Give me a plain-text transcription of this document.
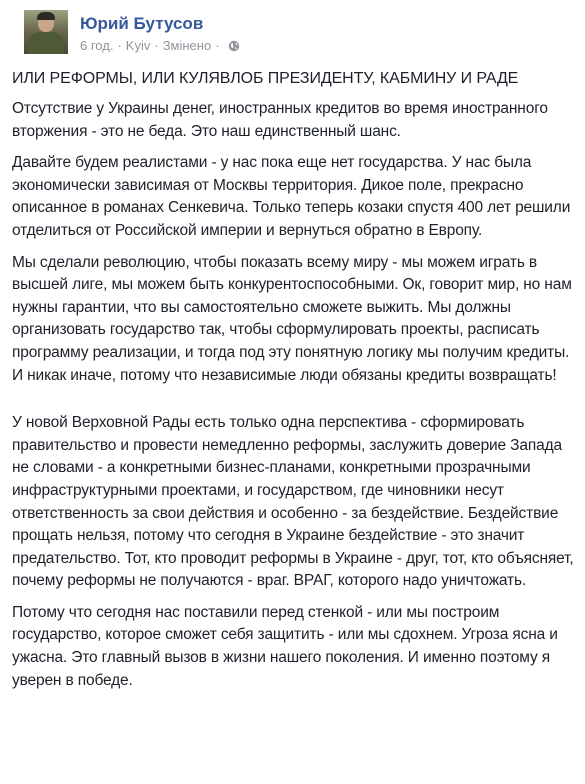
Юрий Бутусов
6 год. · Kyiv · Змінено ·
ИЛИ РЕФОРМЫ, ИЛИ КУЛЯВЛОБ ПРЕЗИДЕНТУ, КАБМИНУ И РАДЕ

Отсутствие у Украины денег, иностранных кредитов во время иностранного вторжения - это не беда. Это наш единственный шанс.

Давайте будем реалистами - у нас пока еще нет государства. У нас была экономически зависимая от Москвы территория. Дикое поле, прекрасно описанное в романах Сенкевича. Только теперь козаки спустя 400 лет решили отделиться от Российской империи и вернуться обратно в Европу.

Мы сделали революцию, чтобы показать всему миру - мы можем играть в высшей лиге, мы можем быть конкурентоспособными. Ок, говорит мир, но нам нужны гарантии, что вы самостоятельно сможете выжить. Мы должны организовать государство так, чтобы сформулировать проекты, расписать программу реализации, и тогда под эту понятную логику мы получим кредиты. И никак иначе, потому что независимые люди обязаны кредиты возвращать!

У новой Верховной Рады есть только одна перспектива - сформировать правительство и провести немедленно реформы, заслужить доверие Запада не словами - а конкретными бизнес-планами, конкретными прозрачными инфраструктурными проектами, и государством, где чиновники несут ответственность за свои действия и особенно - за бездействие. Бездействие прощать нельзя, потому что сегодня в Украине бездействие - это значит предательство. Тот, кто проводит реформы в Украине - друг, тот, кто объясняет, почему реформы не получаются - враг. ВРАГ, которого надо уничтожать.

Потому что сегодня нас поставили перед стенкой - или мы построим государство, которое сможет себя защитить - или мы сдохнем. Угроза ясна и ужасна. Это главный вызов в жизни нашего поколения. И именно поэтому я уверен в победе.
